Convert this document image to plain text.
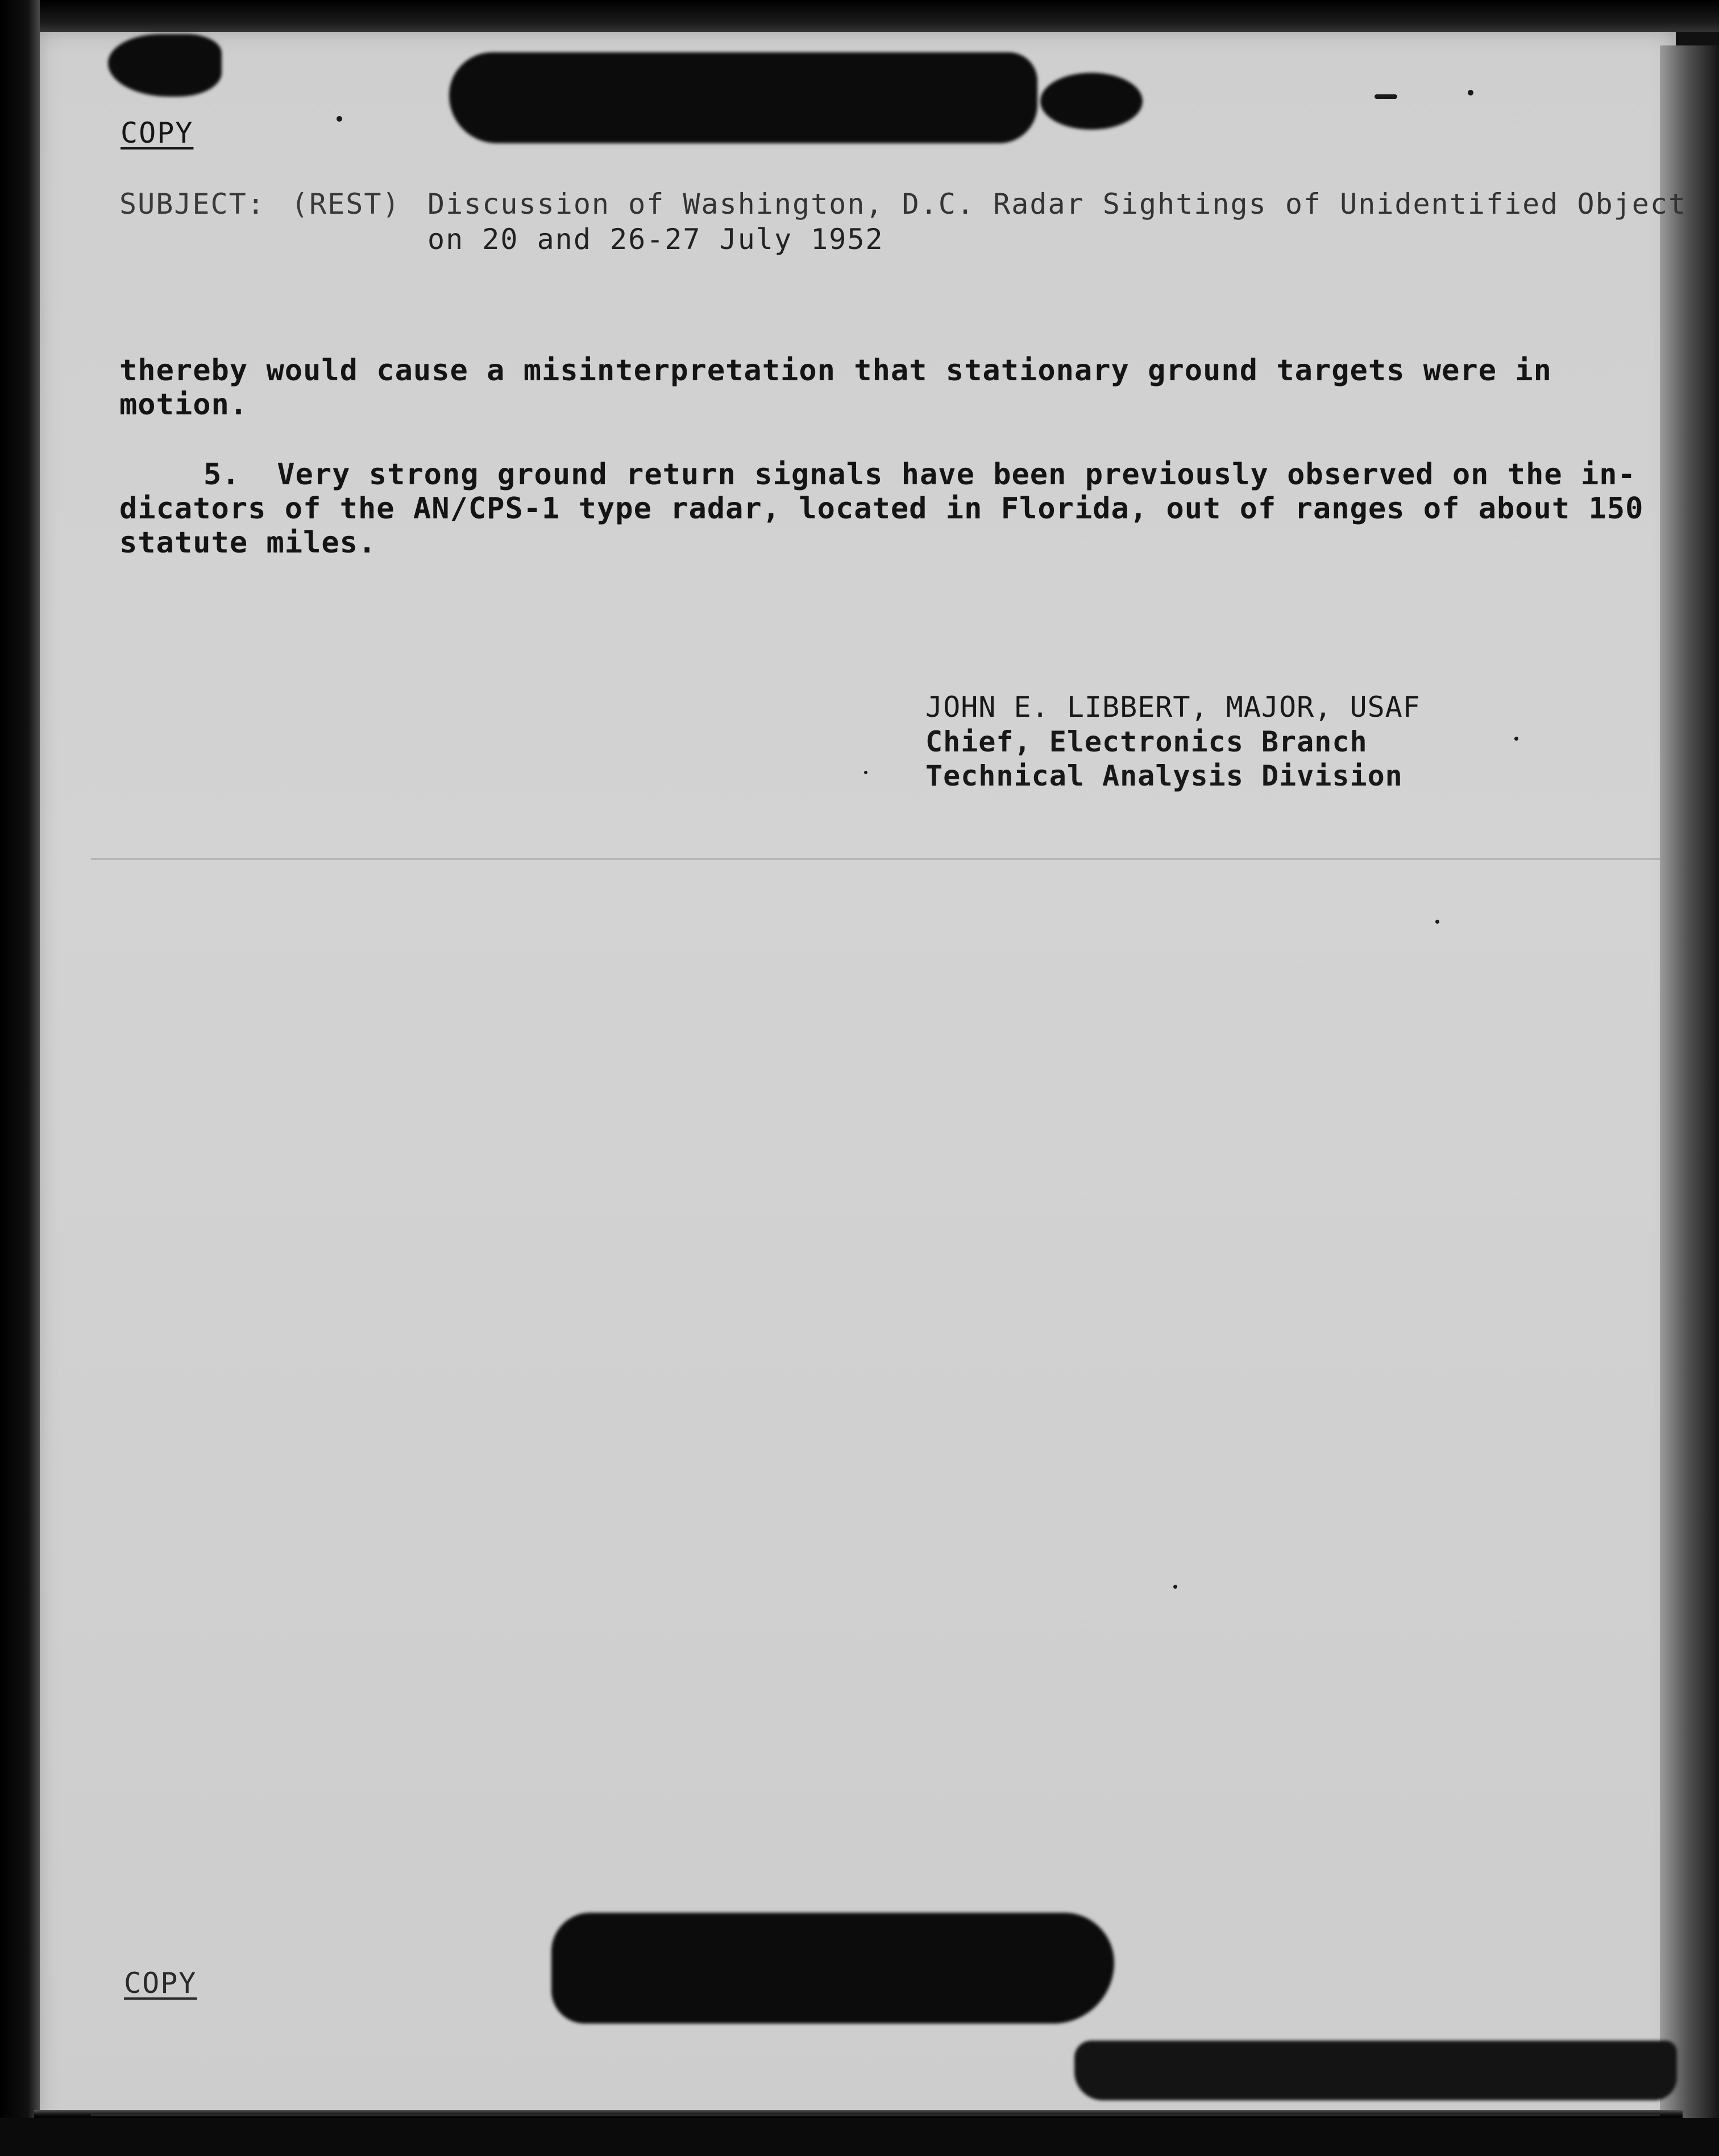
COPY
SUBJECT: (REST) Discussion of Washington, D.C. Radar Sightings of Unidentified Object
on 20 and 26-27 July 1952
thereby would cause a misinterpretation that stationary ground targets were in
motion.
5.  Very strong ground return signals have been previously observed on the in-
dicators of the AN/CPS-1 type radar, located in Florida, out of ranges of about 150
statute miles.
JOHN E. LIBBERT, MAJOR, USAF
Chief, Electronics Branch
Technical Analysis Division
COPY
